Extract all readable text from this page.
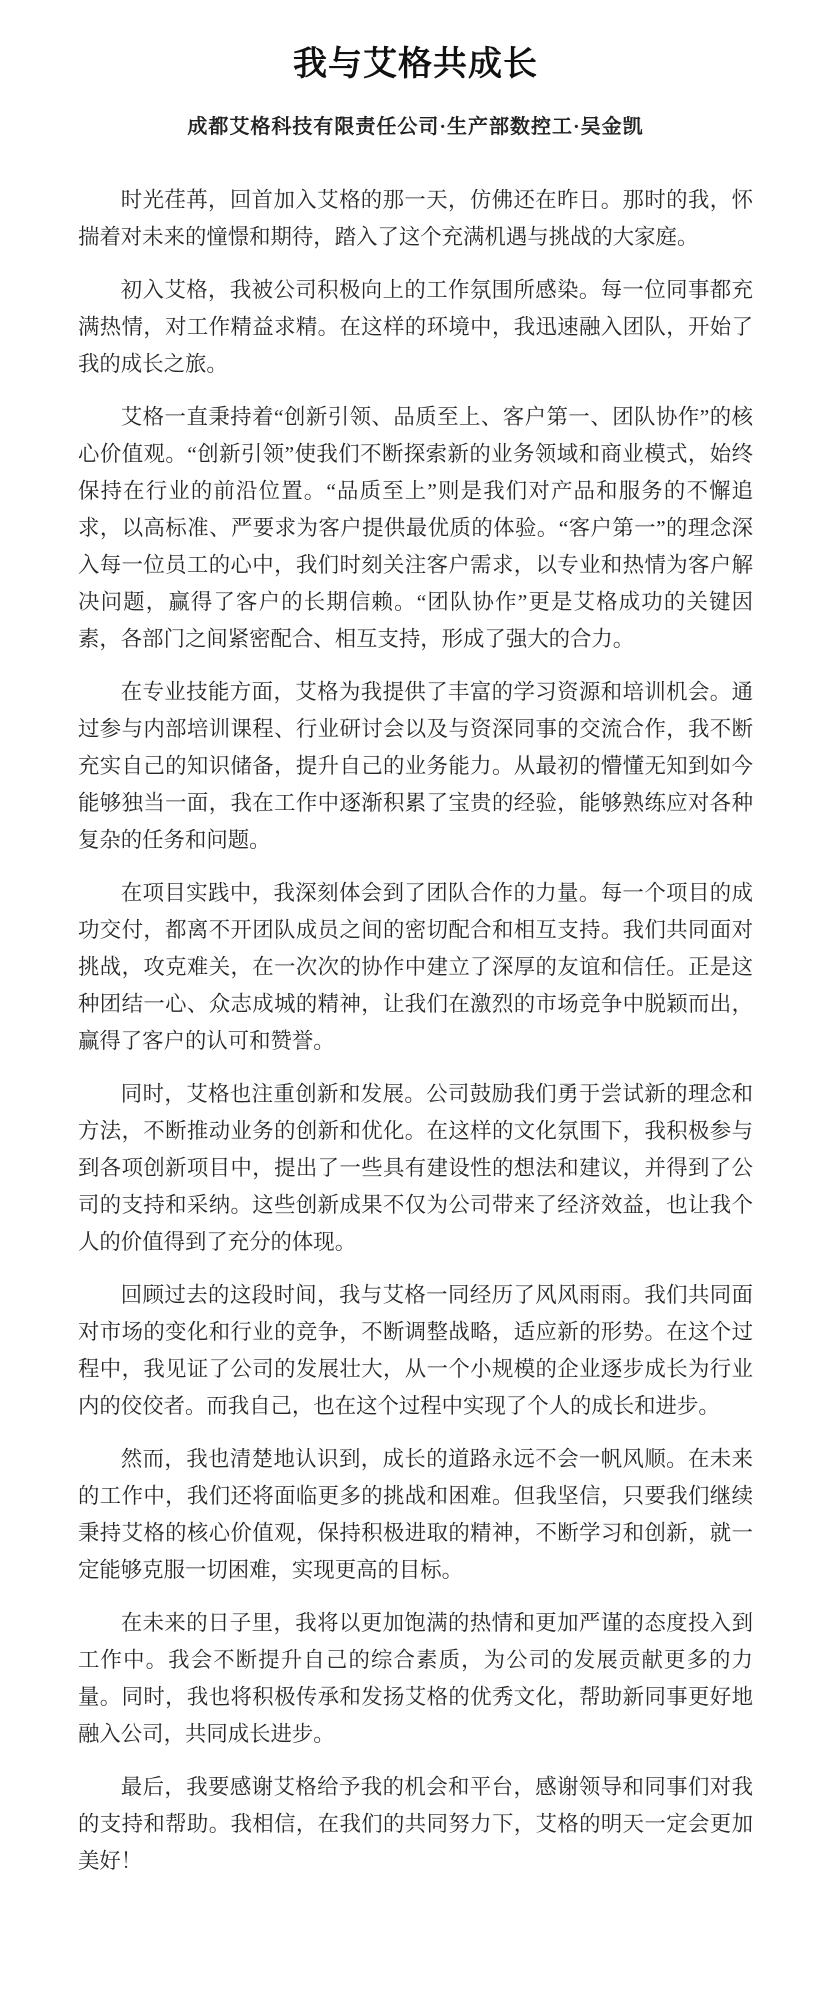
我与艾格共成长
成都艾格科技有限责任公司·生产部数控工·吴金凯

时光荏苒，回首加入艾格的那一天，仿佛还在昨日。那时的我，怀揣着对未来的憧憬和期待，踏入了这个充满机遇与挑战的大家庭。

初入艾格，我被公司积极向上的工作氛围所感染。每一位同事都充满热情，对工作精益求精。在这样的环境中，我迅速融入团队，开始了我的成长之旅。

艾格一直秉持着“创新引领、品质至上、客户第一、团队协作”的核心价值观。“创新引领”使我们不断探索新的业务领域和商业模式，始终保持在行业的前沿位置。“品质至上”则是我们对产品和服务的不懈追求，以高标准、严要求为客户提供最优质的体验。“客户第一”的理念深入每一位员工的心中，我们时刻关注客户需求，以专业和热情为客户解决问题，赢得了客户的长期信赖。“团队协作”更是艾格成功的关键因素，各部门之间紧密配合、相互支持，形成了强大的合力。

在专业技能方面，艾格为我提供了丰富的学习资源和培训机会。通过参与内部培训课程、行业研讨会以及与资深同事的交流合作，我不断充实自己的知识储备，提升自己的业务能力。从最初的懵懂无知到如今能够独当一面，我在工作中逐渐积累了宝贵的经验，能够熟练应对各种复杂的任务和问题。

在项目实践中，我深刻体会到了团队合作的力量。每一个项目的成功交付，都离不开团队成员之间的密切配合和相互支持。我们共同面对挑战，攻克难关，在一次次的协作中建立了深厚的友谊和信任。正是这种团结一心、众志成城的精神，让我们在激烈的市场竞争中脱颖而出，赢得了客户的认可和赞誉。

同时，艾格也注重创新和发展。公司鼓励我们勇于尝试新的理念和方法，不断推动业务的创新和优化。在这样的文化氛围下，我积极参与到各项创新项目中，提出了一些具有建设性的想法和建议，并得到了公司的支持和采纳。这些创新成果不仅为公司带来了经济效益，也让我个人的价值得到了充分的体现。

回顾过去的这段时间，我与艾格一同经历了风风雨雨。我们共同面对市场的变化和行业的竞争，不断调整战略，适应新的形势。在这个过程中，我见证了公司的发展壮大，从一个小规模的企业逐步成长为行业内的佼佼者。而我自己，也在这个过程中实现了个人的成长和进步。

然而，我也清楚地认识到，成长的道路永远不会一帆风顺。在未来的工作中，我们还将面临更多的挑战和困难。但我坚信，只要我们继续秉持艾格的核心价值观，保持积极进取的精神，不断学习和创新，就一定能够克服一切困难，实现更高的目标。

在未来的日子里，我将以更加饱满的热情和更加严谨的态度投入到工作中。我会不断提升自己的综合素质，为公司的发展贡献更多的力量。同时，我也将积极传承和发扬艾格的优秀文化，帮助新同事更好地融入公司，共同成长进步。

最后，我要感谢艾格给予我的机会和平台，感谢领导和同事们对我的支持和帮助。我相信，在我们的共同努力下，艾格的明天一定会更加美好！
